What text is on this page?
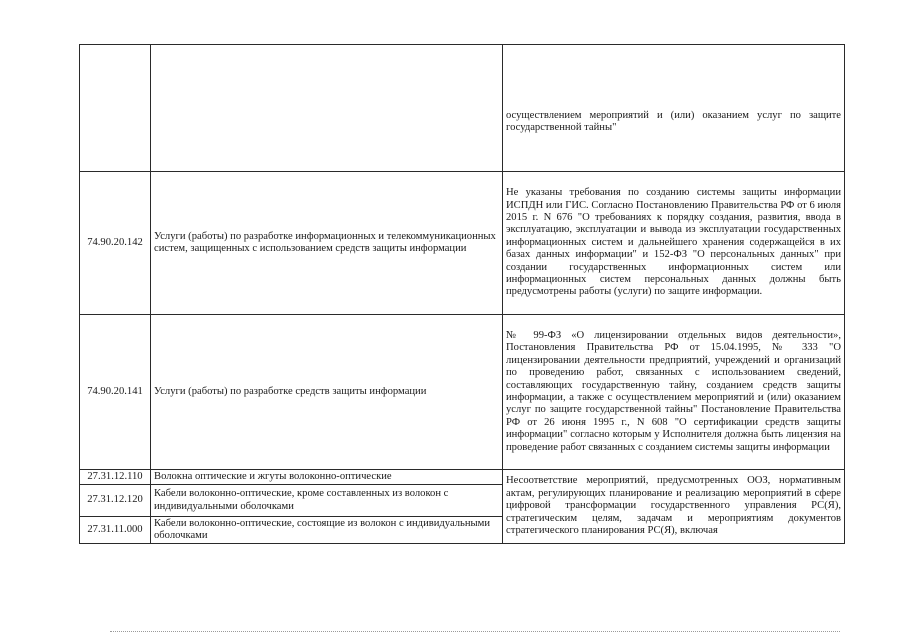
		осуществлением мероприятий и (или) оказанием услуг по защите государственной тайны"
74.90.20.142	Услуги (работы) по разработке информационных и телекоммуникационных систем, защищенных с использованием средств защиты информации	Не указаны требования по созданию системы защиты информации ИСПДН или ГИС. Согласно Постановлению Правительства РФ от 6 июля 2015 г. N 676 "О требованиях к порядку создания, развития, ввода в эксплуатацию, эксплуатации и вывода из эксплуатации государственных информационных систем и дальнейшего хранения содержащейся в их базах данных информации" и 152-ФЗ "О персональных данных" при создании государственных информационных систем или информационных систем персональных данных должны быть предусмотрены работы (услуги) по защите информации.
74.90.20.141	Услуги (работы) по разработке средств защиты информации	№ 99-ФЗ «О лицензировании отдельных видов деятельности», Постановления Правительства РФ от 15.04.1995, № 333 "О лицензировании деятельности предприятий, учреждений и организаций по проведению работ, связанных с использованием сведений, составляющих государственную тайну, созданием средств защиты информации, а также с осуществлением мероприятий и (или) оказанием услуг по защите государственной тайны" Постановление Правительства РФ от 26 июня 1995 г., N 608 "О сертификации средств защиты информации" согласно которым у Исполнителя должна быть лицензия на проведение работ связанных с созданием системы защиты информации
27.31.12.110	Волокна оптические и жгуты волоконно-оптические	Несоответствие мероприятий, предусмотренных ООЗ, нормативным актам, регулирующих планирование и реализацию мероприятий в сфере цифровой трансформации государственного управления РС(Я), стратегическим целям, задачам и мероприятиям документов стратегического планирования РС(Я), включая
27.31.12.120	Кабели волоконно-оптические, кроме составленных из волокон с индивидуальными оболочками	
27.31.11.000	Кабели волоконно-оптические, состоящие из волокон с индивидуальными оболочками	
